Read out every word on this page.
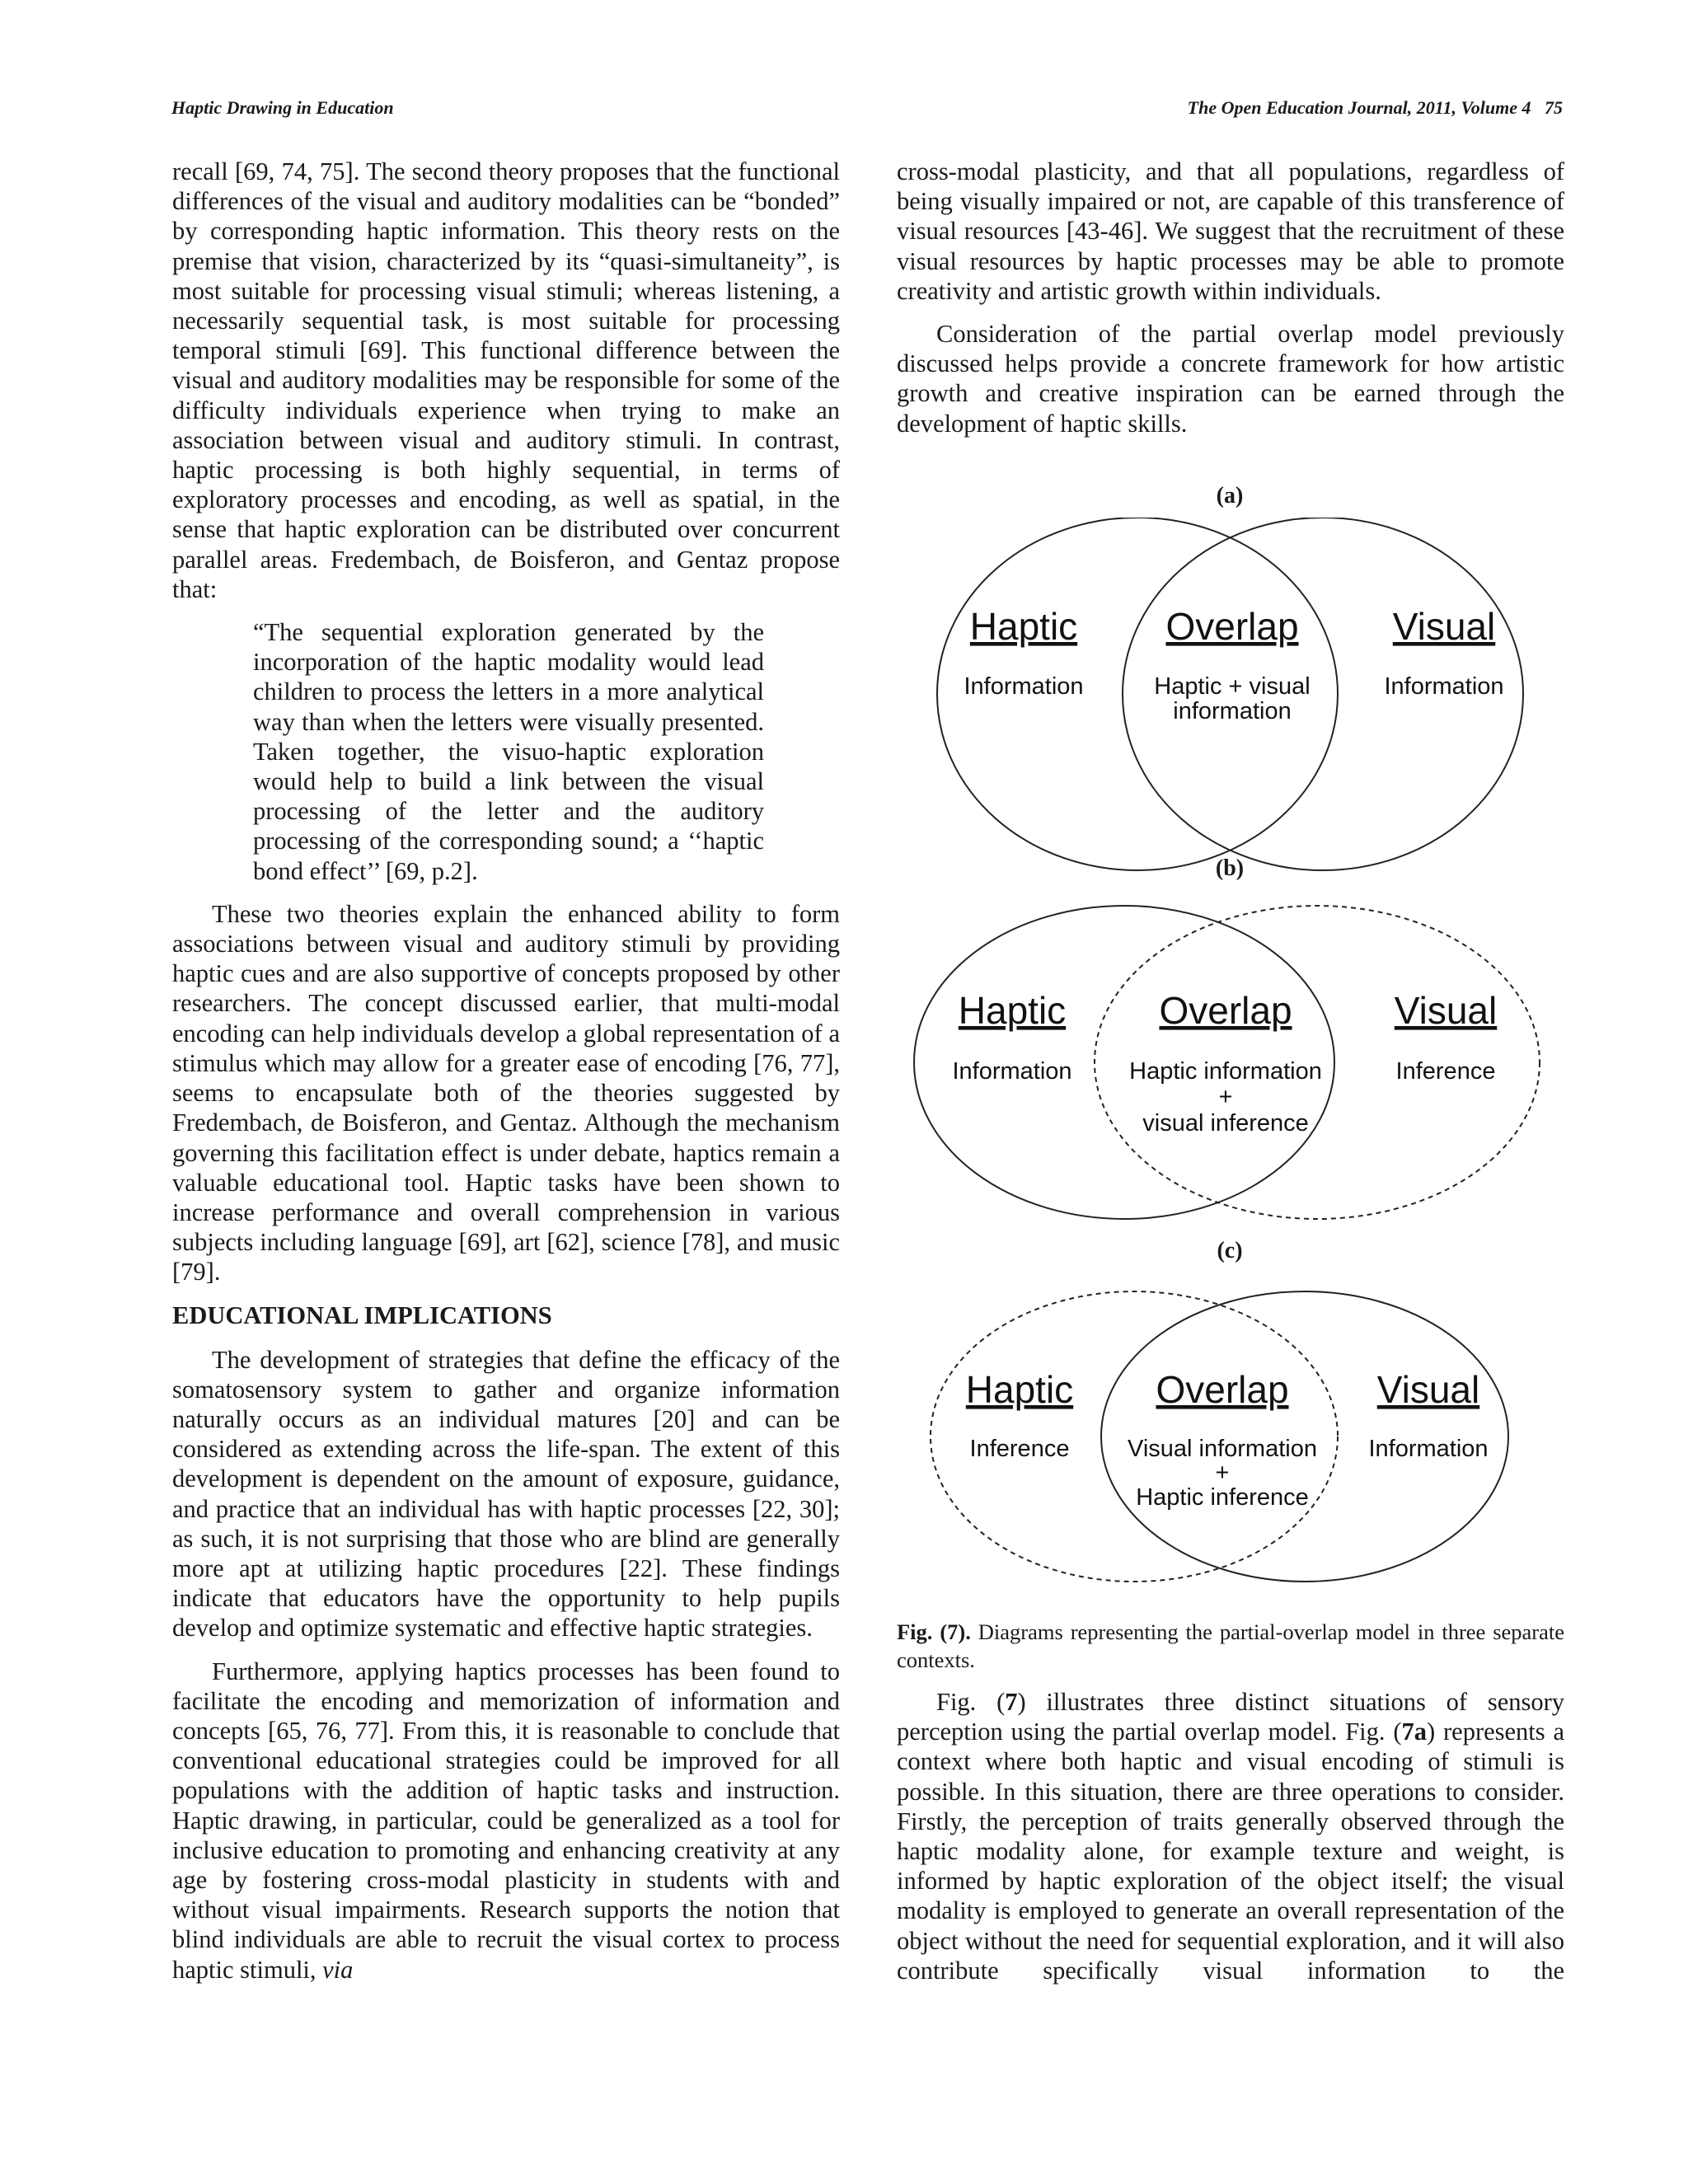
Haptic Drawing in Education	The Open Education Journal, 2011, Volume 4 75

recall [69, 74, 75]. The second theory proposes that the functional differences of the visual and auditory modalities can be “bonded” by corresponding haptic information. This theory rests on the premise that vision, characterized by its “quasi-simultaneity”, is most suitable for processing visual stimuli; whereas listening, a necessarily sequential task, is most suitable for processing temporal stimuli [69]. This functional difference between the visual and auditory modalities may be responsible for some of the difficulty individuals experience when trying to make an association between visual and auditory stimuli. In contrast, haptic processing is both highly sequential, in terms of exploratory processes and encoding, as well as spatial, in the sense that haptic exploration can be distributed over concurrent parallel areas. Fredembach, de Boisferon, and Gentaz propose that:

“The sequential exploration generated by the incorporation of the haptic modality would lead children to process the letters in a more analytical way than when the letters were visually presented. Taken together, the visuo-haptic exploration would help to build a link between the visual processing of the letter and the auditory processing of the corresponding sound; a ‘‘haptic bond effect’’ [69, p.2].

These two theories explain the enhanced ability to form associations between visual and auditory stimuli by providing haptic cues and are also supportive of concepts proposed by other researchers. The concept discussed earlier, that multi-modal encoding can help individuals develop a global representation of a stimulus which may allow for a greater ease of encoding [76, 77], seems to encapsulate both of the theories suggested by Fredembach, de Boisferon, and Gentaz. Although the mechanism governing this facilitation effect is under debate, haptics remain a valuable educational tool. Haptic tasks have been shown to increase performance and overall comprehension in various subjects including language [69], art [62], science [78], and music [79].

EDUCATIONAL IMPLICATIONS

The development of strategies that define the efficacy of the somatosensory system to gather and organize information naturally occurs as an individual matures [20] and can be considered as extending across the life-span. The extent of this development is dependent on the amount of exposure, guidance, and practice that an individual has with haptic processes [22, 30]; as such, it is not surprising that those who are blind are generally more apt at utilizing haptic procedures [22]. These findings indicate that educators have the opportunity to help pupils develop and optimize systematic and effective haptic strategies.

Furthermore, applying haptics processes has been found to facilitate the encoding and memorization of information and concepts [65, 76, 77]. From this, it is reasonable to conclude that conventional educational strategies could be improved for all populations with the addition of haptic tasks and instruction. Haptic drawing, in particular, could be generalized as a tool for inclusive education to promoting and enhancing creativity at any age by fostering cross-modal plasticity in students with and without visual impairments. Research supports the notion that blind individuals are able to recruit the visual cortex to process haptic stimuli, via

cross-modal plasticity, and that all populations, regardless of being visually impaired or not, are capable of this transference of visual resources [43-46]. We suggest that the recruitment of these visual resources by haptic processes may be able to promote creativity and artistic growth within individuals.

Consideration of the partial overlap model previously discussed helps provide a concrete framework for how artistic growth and creative inspiration can be earned through the development of haptic skills.

(a)
Haptic
Information
Overlap
Haptic + visual
information
Visual
Information
(b)
Haptic
Information
Overlap
Haptic information
+
visual inference
Visual
Inference
(c)
Haptic
Inference
Overlap
Visual information
+
Haptic inference
Visual
Information
Fig. (7). Diagrams representing the partial-overlap model in three separate contexts.

Fig. (7) illustrates three distinct situations of sensory perception using the partial overlap model. Fig. (7a) represents a context where both haptic and visual encoding of stimuli is possible. In this situation, there are three operations to consider. Firstly, the perception of traits generally observed through the haptic modality alone, for example texture and weight, is informed by haptic exploration of the object itself; the visual modality is employed to generate an overall representation of the object without the need for sequential exploration, and it will also contribute specifically visual information to the
